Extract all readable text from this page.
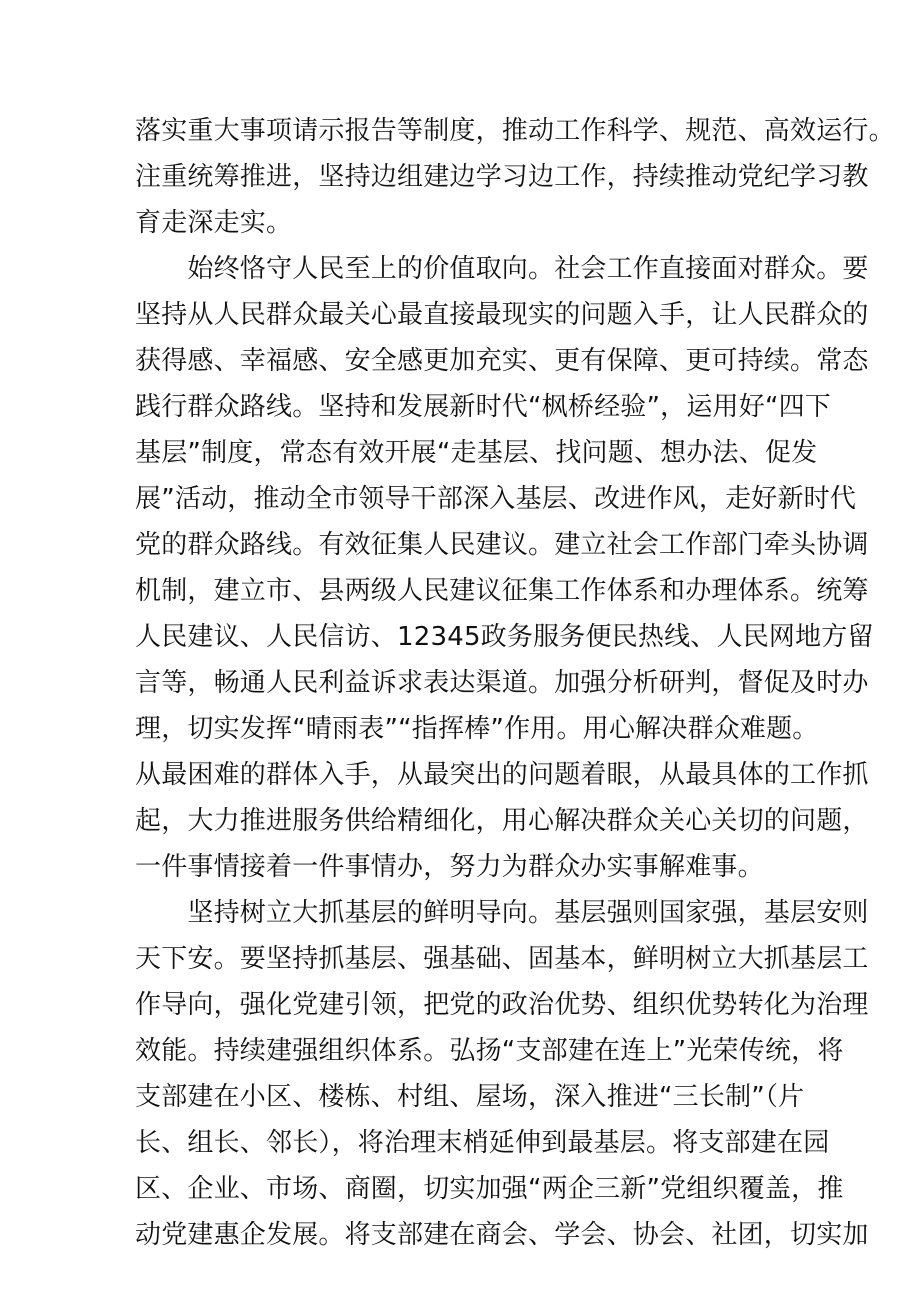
落实重大事项请示报告等制度，推动工作科学、规范、高效运行。
注重统筹推进，坚持边组建边学习边工作，持续推动党纪学习教
育走深走实。
　　始终恪守人民至上的价值取向。社会工作直接面对群众。要
坚持从人民群众最关心最直接最现实的问题入手，让人民群众的
获得感、幸福感、安全感更加充实、更有保障、更可持续。常态
践行群众路线。坚持和发展新时代“枫桥经验”，运用好“四下
基层”制度，常态有效开展“走基层、找问题、想办法、促发
展”活动，推动全市领导干部深入基层、改进作风，走好新时代
党的群众路线。有效征集人民建议。建立社会工作部门牵头协调
机制，建立市、县两级人民建议征集工作体系和办理体系。统筹
人民建议、人民信访、12345政务服务便民热线、人民网地方留
言等，畅通人民利益诉求表达渠道。加强分析研判，督促及时办
理，切实发挥“晴雨表”“指挥棒”作用。用心解决群众难题。
从最困难的群体入手，从最突出的问题着眼，从最具体的工作抓
起，大力推进服务供给精细化，用心解决群众关心关切的问题，
一件事情接着一件事情办，努力为群众办实事解难事。
　　坚持树立大抓基层的鲜明导向。基层强则国家强，基层安则
天下安。要坚持抓基层、强基础、固基本，鲜明树立大抓基层工
作导向，强化党建引领，把党的政治优势、组织优势转化为治理
效能。持续建强组织体系。弘扬“支部建在连上”光荣传统，将
支部建在小区、楼栋、村组、屋场，深入推进“三长制”（片
长、组长、邻长），将治理末梢延伸到最基层。将支部建在园
区、企业、市场、商圈，切实加强“两企三新”党组织覆盖，推
动党建惠企发展。将支部建在商会、学会、协会、社团，切实加
